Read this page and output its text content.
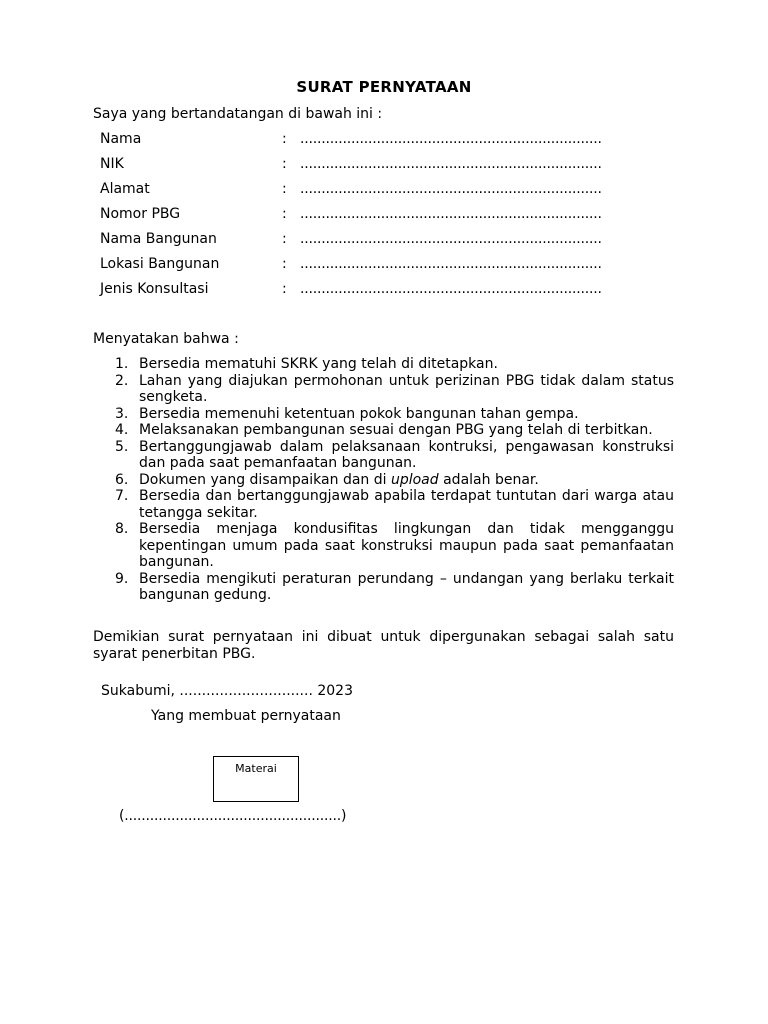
SURAT PERNYATAAN
Saya yang bertandatangan di bawah ini :
Nama	: .......................................................................
NIK	: .......................................................................
Alamat	: .......................................................................
Nomor PBG	: .......................................................................
Nama Bangunan	: .......................................................................
Lokasi Bangunan	: .......................................................................
Jenis Konsultasi	: .......................................................................
Menyatakan bahwa :
1. Bersedia mematuhi SKRK yang telah di ditetapkan.
2. Lahan yang diajukan permohonan untuk perizinan PBG tidak dalam status sengketa.
3. Bersedia memenuhi ketentuan pokok bangunan tahan gempa.
4. Melaksanakan pembangunan sesuai dengan PBG yang telah di terbitkan.
5. Bertanggungjawab dalam pelaksanaan kontruksi, pengawasan konstruksi dan pada saat pemanfaatan bangunan.
6. Dokumen yang disampaikan dan di upload adalah benar.
7. Bersedia dan bertanggungjawab apabila terdapat tuntutan dari warga atau tetangga sekitar.
8. Bersedia menjaga kondusifitas lingkungan dan tidak mengganggu kepentingan umum pada saat konstruksi maupun pada saat pemanfaatan bangunan.
9. Bersedia mengikuti peraturan perundang – undangan yang berlaku terkait bangunan gedung.
Demikian surat pernyataan ini dibuat untuk dipergunakan sebagai salah satu syarat penerbitan PBG.
Sukabumi, .............................. 2023
Yang membuat pernyataan
Materai
(...................................................)
